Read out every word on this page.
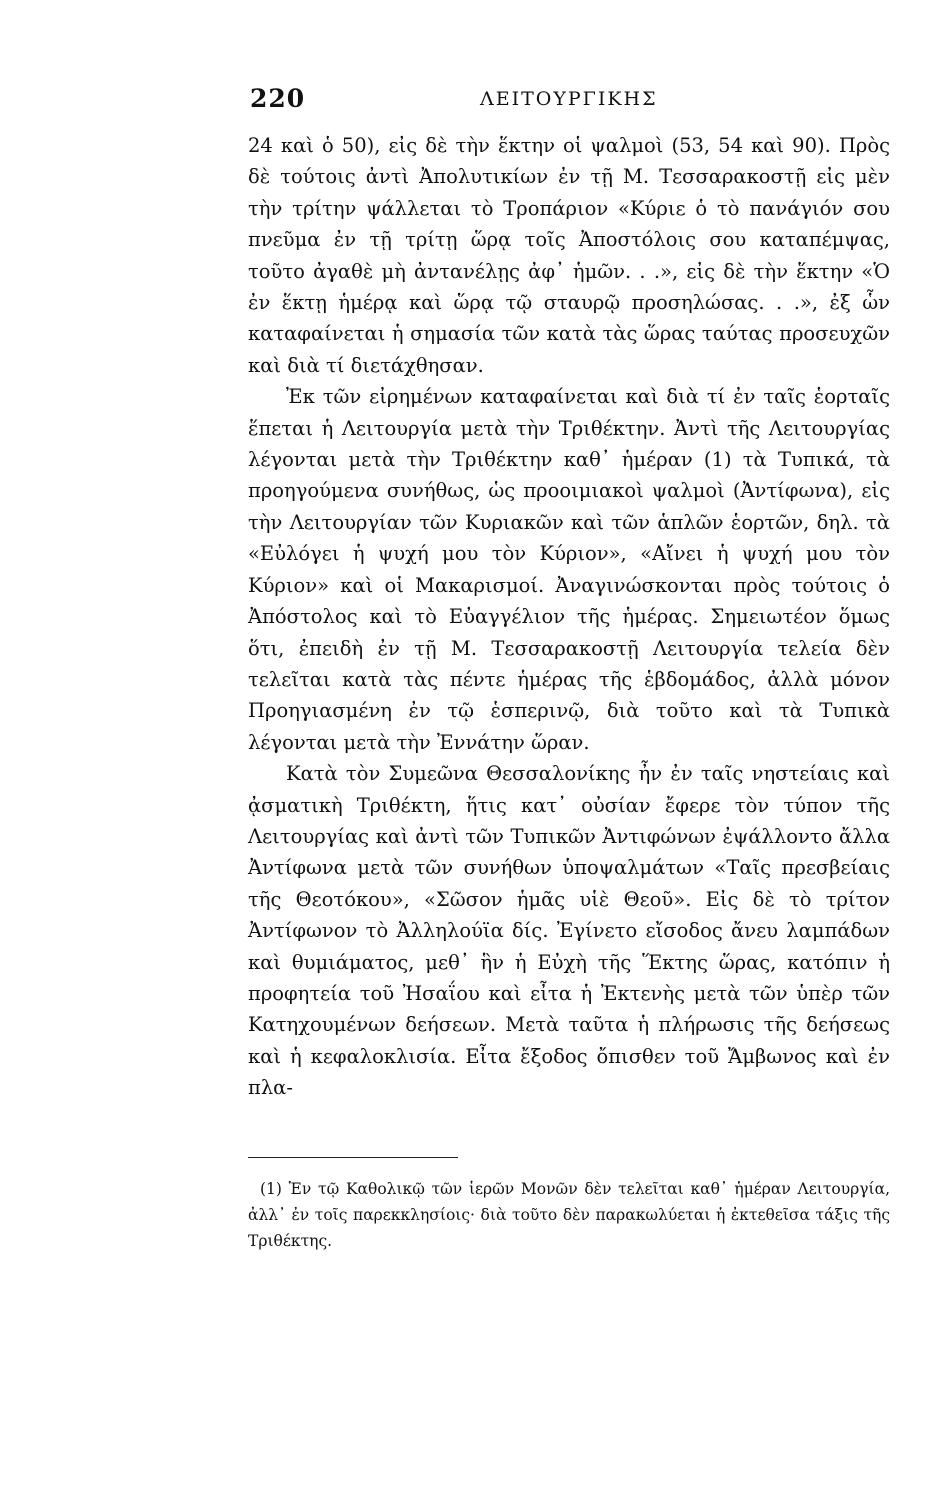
220	ΛΕΙΤΟΥΡΓΙΚΗΣ

24 καὶ ὁ 50), εἰς δὲ τὴν ἕκτην οἱ ψαλμοὶ (53, 54 καὶ 90). Πρὸς δὲ τούτοις ἀντὶ Ἀπολυτικίων ἐν τῇ Μ. Τεσσαρακοστῇ εἰς μὲν τὴν τρίτην ψάλλεται τὸ Τροπάριον «Κύριε ὁ τὸ πανάγιόν σου πνεῦμα ἐν τῇ τρίτῃ ὥρᾳ τοῖς Ἀποστόλοις σου καταπέμψας, τοῦτο ἀγαθὲ μὴ ἀντανέλῃς ἀφ᾽ ἡμῶν. . .», εἰς δὲ τὴν ἕκτην «Ὁ ἐν ἕκτῃ ἡμέρᾳ καὶ ὥρᾳ τῷ σταυρῷ προσηλώσας. . .», ἐξ ὧν καταφαίνεται ἡ σημασία τῶν κατὰ τὰς ὥρας ταύτας προσευχῶν καὶ διὰ τί διετάχθησαν.

Ἐκ τῶν εἰρημένων καταφαίνεται καὶ διὰ τί ἐν ταῖς ἑορταῖς ἕπεται ἡ Λειτουργία μετὰ τὴν Τριθέκτην. Ἀντὶ τῆς Λειτουργίας λέγονται μετὰ τὴν Τριθέκτην καθ᾽ ἡμέραν (1) τὰ Τυπικά, τὰ προηγούμενα συνήθως, ὡς προοιμιακοὶ ψαλμοὶ (Ἀντίφωνα), εἰς τὴν Λειτουργίαν τῶν Κυριακῶν καὶ τῶν ἁπλῶν ἑορτῶν, δηλ. τὰ «Εὐλόγει ἡ ψυχή μου τὸν Κύριον», «Αἴνει ἡ ψυχή μου τὸν Κύριον» καὶ οἱ Μακαρισμοί. Ἀναγινώσκονται πρὸς τούτοις ὁ Ἀπόστολος καὶ τὸ Εὐαγγέλιον τῆς ἡμέρας. Σημειωτέον ὅμως ὅτι, ἐπειδὴ ἐν τῇ Μ. Τεσσαρακοστῇ Λειτουργία τελεία δὲν τελεῖται κατὰ τὰς πέντε ἡμέρας τῆς ἑβδομάδος, ἀλλὰ μόνον Προηγιασμένη ἐν τῷ ἑσπερινῷ, διὰ τοῦτο καὶ τὰ Τυπικὰ λέγονται μετὰ τὴν Ἐννάτην ὥραν.

Κατὰ τὸν Συμεῶνα Θεσσαλονίκης ἦν ἐν ταῖς νηστείαις καὶ ᾀσματικὴ Τριθέκτη, ἥτις κατ᾽ οὐσίαν ἔφερε τὸν τύπον τῆς Λειτουργίας καὶ ἀντὶ τῶν Τυπικῶν Ἀντιφώνων ἐψάλλοντο ἄλλα Ἀντίφωνα μετὰ τῶν συνήθων ὑποψαλμάτων «Ταῖς πρεσβείαις τῆς Θεοτόκου», «Σῶσον ἡμᾶς υἱὲ Θεοῦ». Εἰς δὲ τὸ τρίτον Ἀντίφωνον τὸ Ἀλληλούϊα δίς. Ἐγίνετο εἴσοδος ἄνευ λαμπάδων καὶ θυμιάματος, μεθ᾽ ἣν ἡ Εὐχὴ τῆς Ἕκτης ὥρας, κατόπιν ἡ προφητεία τοῦ Ἠσαΐου καὶ εἶτα ἡ Ἐκτενὴς μετὰ τῶν ὑπὲρ τῶν Κατηχουμένων δεήσεων. Μετὰ ταῦτα ἡ πλήρωσις τῆς δεήσεως καὶ ἡ κεφαλοκλισία. Εἶτα ἔξοδος ὄπισθεν τοῦ Ἄμβωνος καὶ ἐν πλα-

(1) Ἐν τῷ Καθολικῷ τῶν ἱερῶν Μονῶν δὲν τελεῖται καθ᾽ ἡμέραν Λειτουργία, ἀλλ᾽ ἐν τοῖς παρεκκλησίοις· διὰ τοῦτο δὲν παρακωλύεται ἡ ἐκτεθεῖσα τάξις τῆς Τριθέκτης.
